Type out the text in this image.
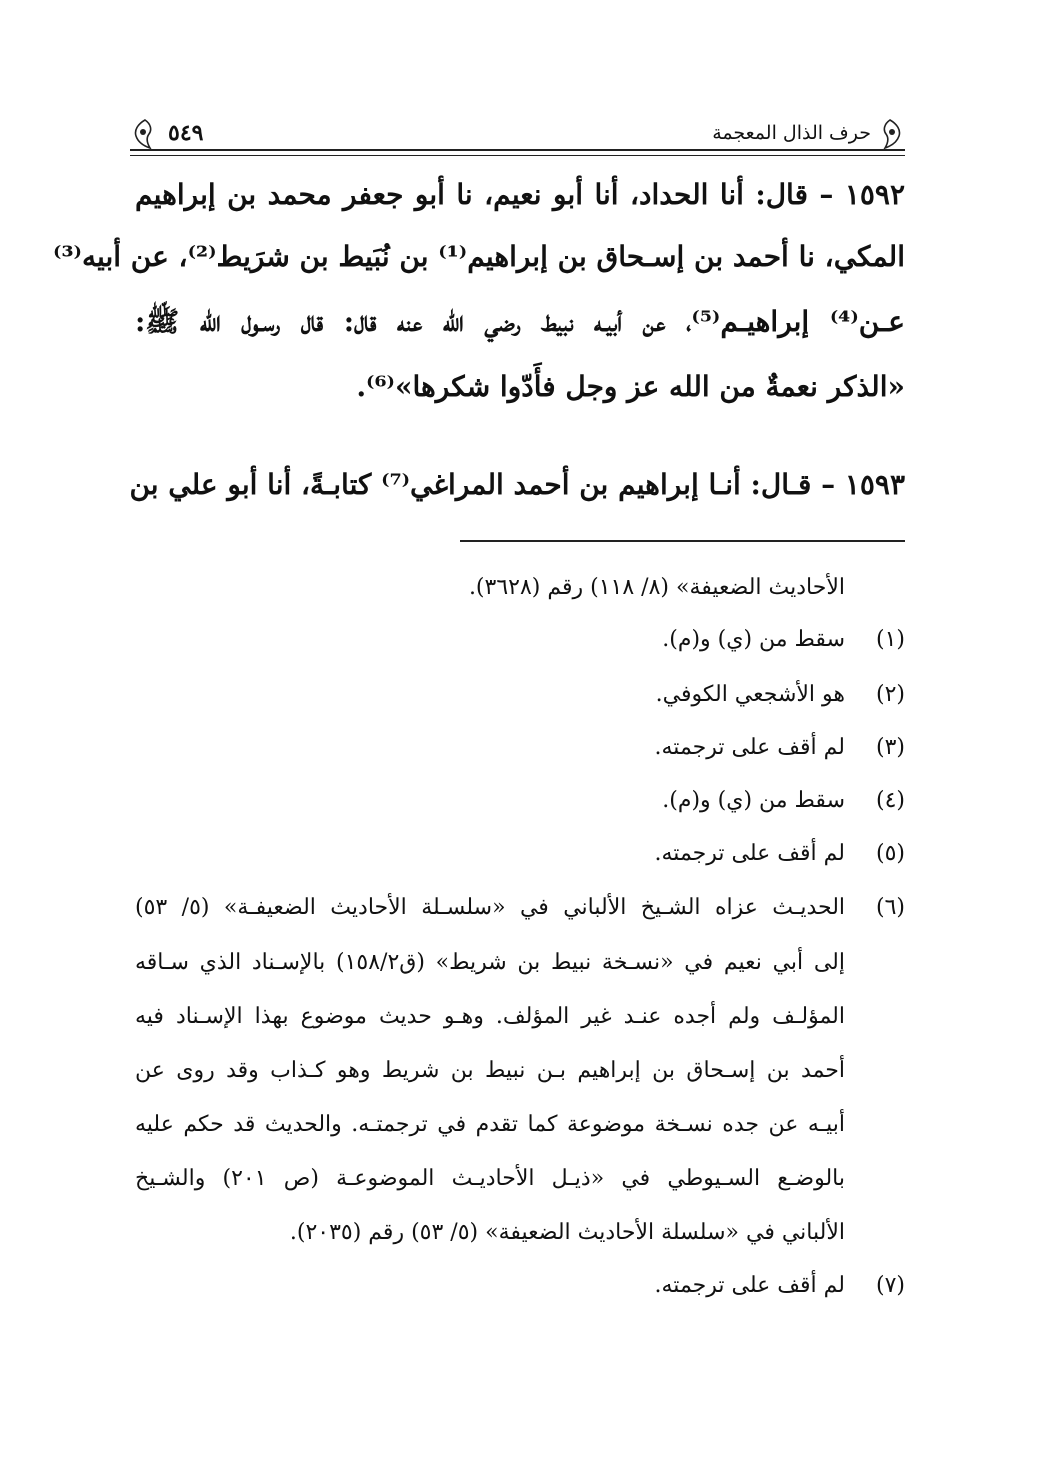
حرف الذال المعجمة
٥٤٩
١٥٩٢ – قال: أنا الحداد، أنا أبو نعيم، نا أبو جعفر محمد بن إبراهيم
المكي، نا أحمد بن إسـحاق بن إبراهيم⁽¹⁾ بن نُبَيط بن شرَيط⁽²⁾، عن أبيه⁽³⁾
عـن⁽⁴⁾ إبراهيـم⁽⁵⁾، عن أبيـه نبيط رضي الله عنه قال: قال رسـول الله ﷺ:
«الذكر نعمةٌ من الله عز وجل فأَدّوا شكرها»⁽⁶⁾.
١٥٩٣ – قـال: أنـا إبراهيم بن أحمد المراغي⁽⁷⁾ كتابـةً، أنا أبو علي بن
الأحاديث الضعيفة» (٨/ ١١٨) رقم (٣٦٢٨).
(١)سقط من (ي) و(م).
(٢)هو الأشجعي الكوفي.
(٣)لم أقف على ترجمته.
(٤)سقط من (ي) و(م).
(٥)لم أقف على ترجمته.
(٦)الحديـث عزاه الشـيخ الألباني في «سلسـلة الأحاديث الضعيفـة» (٥/ ٥٣)
إلى أبي نعيم في «نسـخة نبيط بن شريط» (ق١٥٨/٢) بالإسـناد الذي سـاقه
المؤلـف ولم أجده عنـد غير المؤلف. وهـو حديث موضوع بهذا الإسـناد فيه
أحمد بن إسـحاق بن إبراهيم بـن نبيط بن شريط وهو كـذاب وقد روى عن
أبيـه عن جده نسـخة موضوعة كما تقدم في ترجمتـه. والحديث قد حكم عليه
بالوضـع السـيوطي في «ذيـل الأحاديـث الموضوعـة (ص ٢٠١) والشـيخ
الألباني في «سلسلة الأحاديث الضعيفة» (٥/ ٥٣) رقم (٢٠٣٥).
(٧)لم أقف على ترجمته.
